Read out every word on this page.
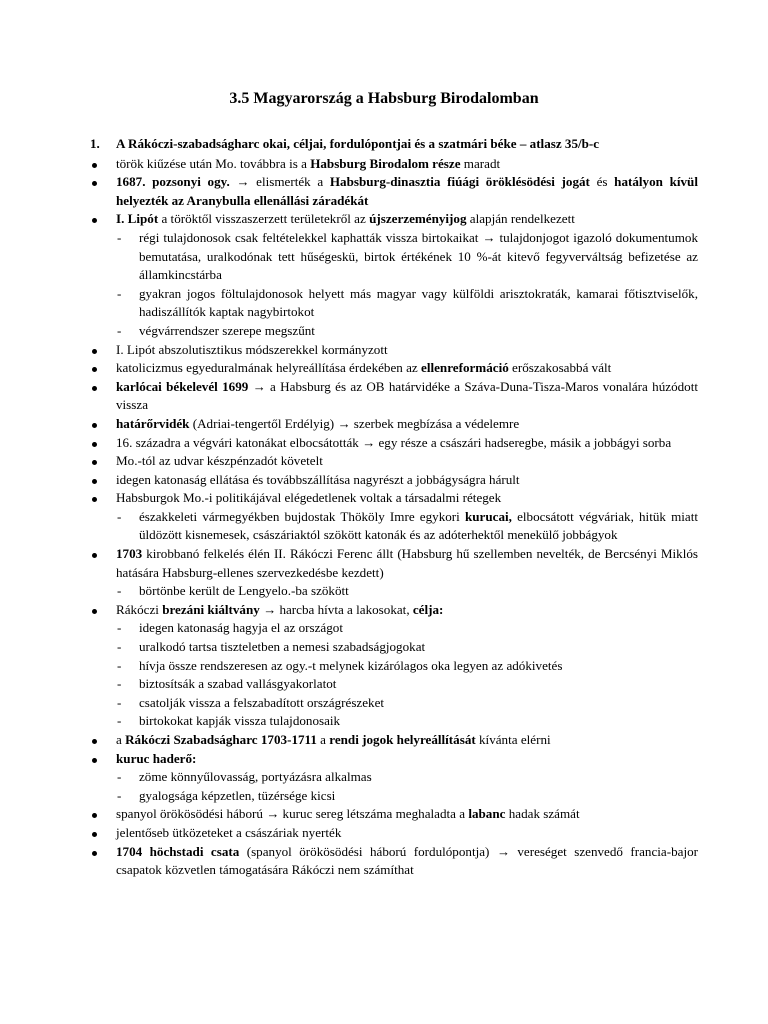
3.5 Magyarország a Habsburg Birodalomban
1.	A Rákóczi-szabadságharc okai, céljai, fordulópontjai és a szatmári béke – atlasz 35/b-c
török kiűzése után Mo. továbbra is a Habsburg Birodalom része maradt
1687. pozsonyi ogy. → elismerték a Habsburg-dinasztia fiúági öröklésödési jogát és hatályon kívül helyezték az Aranybulla ellenállási záradékát
I. Lipót a töröktől visszaszerzett területekről az újszerzeményijog alapján rendelkezett
- régi tulajdonosok csak feltételekkel kaphatták vissza birtokaikat → tulajdonjogot igazoló dokumentumok bemutatása, uralkodónak tett hűségeskü, birtok értékének 10 %-át kitevő fegyverváltság befizetése az államkincstárba
- gyakran jogos föltulajdonosok helyett más magyar vagy külföldi arisztokraták, kamarai főtisztviselők, hadiszállítók kaptak nagybirtokot
- végvárrendszer szerepe megszűnt
I. Lipót abszolutisztikus módszerekkel kormányzott
katolicizmus egyeduralmának helyreállítása érdekében az ellenreformáció erőszakosabbá vált
karlócai békelevél 1699 → a Habsburg és az OB határvidéke a Száva-Duna-Tisza-Maros vonalára húzódott vissza
határőrvidék (Adriai-tengertől Erdélyig) → szerbek megbízása a védelemre
16. századra a végvári katonákat elbocsátották → egy része a császári hadseregbe, másik a jobbágyi sorba
Mo.-tól az udvar készpénzadót követelt
idegen katonaság ellátása és továbbszállítása nagyrészt a jobbágyságra hárult
Habsburgok Mo.-i politikájával elégedetlenek voltak a társadalmi rétegek
- északkeleti vármegyékben bujdostak Thököly Imre egykori kurucai, elbocsátott végváriak, hitük miatt üldözött kisnemesek, császáriaktól szökött katonák és az adóterhektől menekülő jobbágyok
1703 kirobbanó felkelés élén II. Rákóczi Ferenc állt (Habsburg hű szellemben nevelték, de Bercsényi Miklós hatására Habsburg-ellenes szervezkedésbe kezdett)
- börtönbe került de Lengyelo.-ba szökött
Rákóczi brezáni kiáltvány → harcba hívta a lakosokat, célja:
- idegen katonaság hagyja el az országot
- uralkodó tartsa tiszteletben a nemesi szabadságjogokat
- hívja össze rendszeresen az ogy.-t melynek kizárólagos oka legyen az adókivetés
- biztosítsák a szabad vallásgyakorlatot
- csatolják vissza a felszabadított országrészeket
- birtokokat kapják vissza tulajdonosaik
a Rákóczi Szabadságharc 1703-1711 a rendi jogok helyreállítását kívánta elérni
kuruc haderő:
- zöme könnyűlovasság, portyázásra alkalmas
- gyalogsága képzetlen, tüzérsége kicsi
spanyol örökösödési háború → kuruc sereg létszáma meghaladta a labanc hadak számát
jelentőseb ütközeteket a császáriak nyerték
1704 höchstadi csata (spanyol örökösödési háború fordulópontja) → vereséget szenvedő francia-bajor csapatok közvetlen támogatására Rákóczi nem számíthat
